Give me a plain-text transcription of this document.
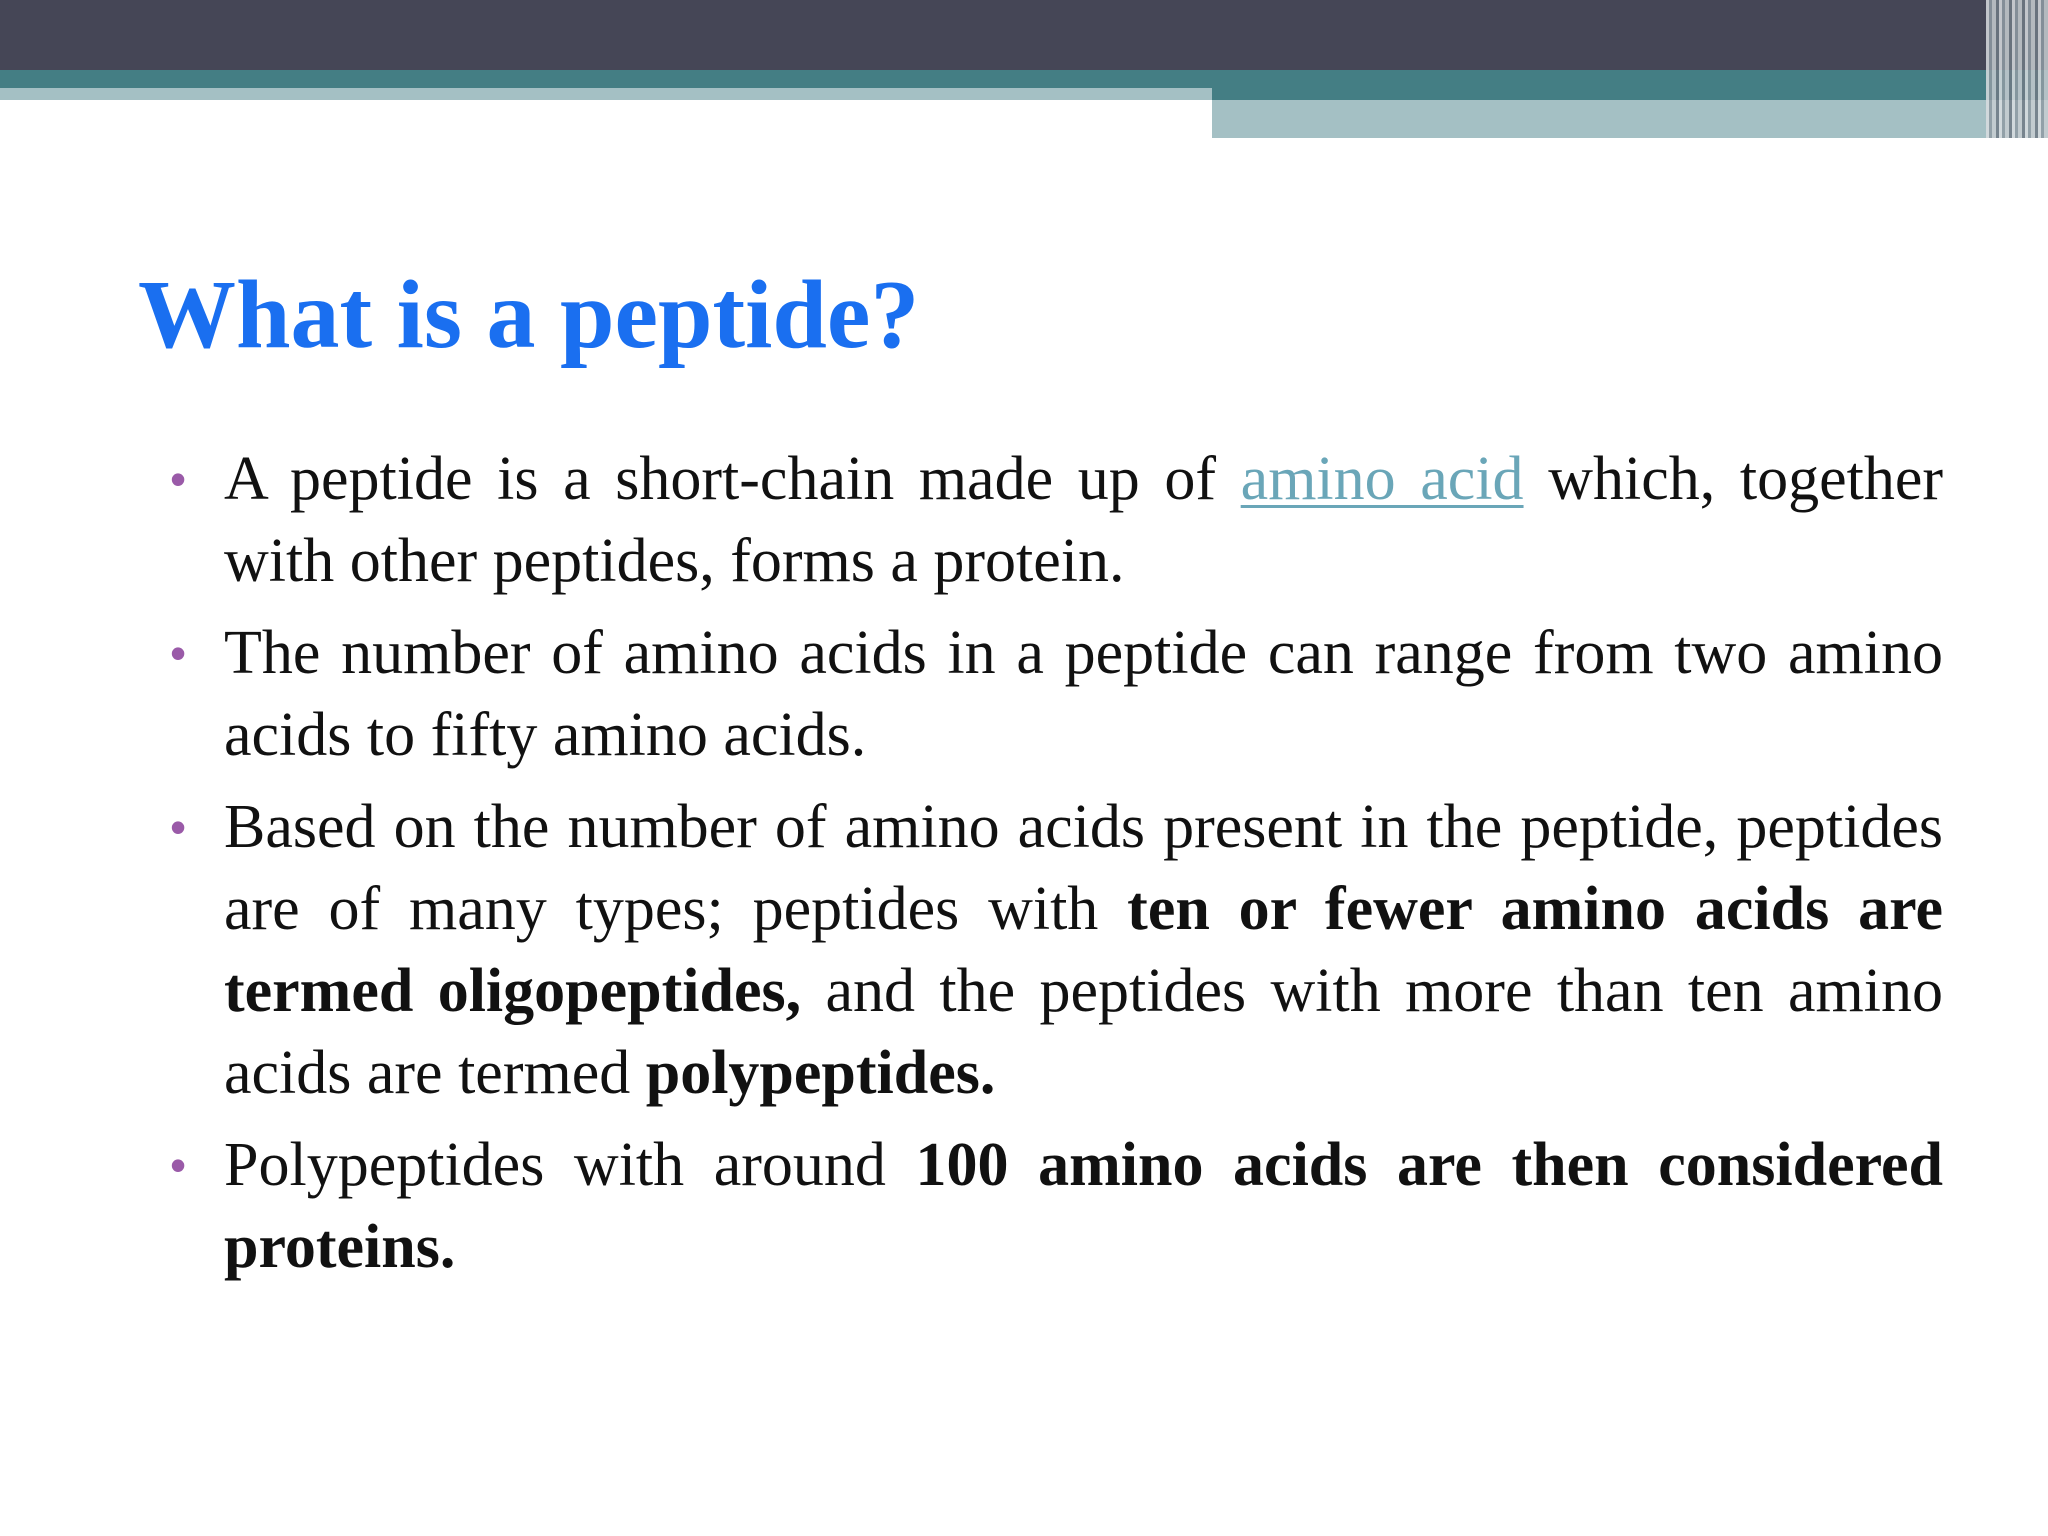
What is a peptide?
• A peptide is a short-chain made up of amino acid which, together with other peptides, forms a protein.
• The number of amino acids in a peptide can range from two amino acids to fifty amino acids.
• Based on the number of amino acids present in the peptide, peptides are of many types; peptides with ten or fewer amino acids are termed oligopeptides, and the peptides with more than ten amino acids are termed polypeptides.
• Polypeptides with around 100 amino acids are then considered proteins.
